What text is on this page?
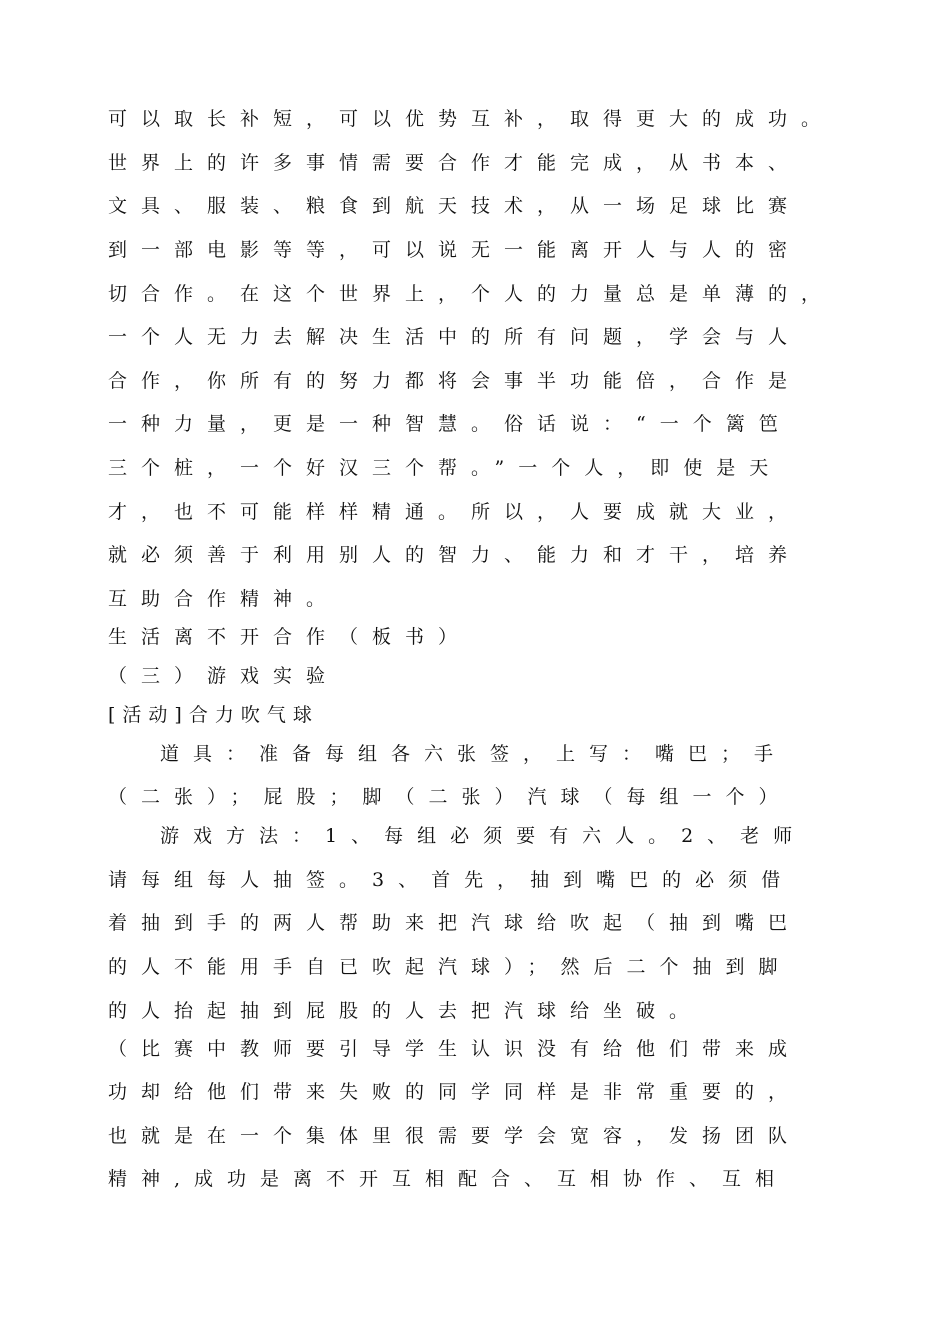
可以取长补短，可以优势互补，取得更大的成功。
世界上的许多事情需要合作才能完成，从书本、
文具、服装、粮食到航天技术，从一场足球比赛
到一部电影等等，可以说无一能离开人与人的密
切合作。在这个世界上，个人的力量总是单薄的，
一个人无力去解决生活中的所有问题，学会与人
合作，你所有的努力都将会事半功能倍，合作是
一种力量，更是一种智慧。俗话说：“一个篱笆
三个桩，一个好汉三个帮。”一个人，即使是天
才，也不可能样样精通。所以，人要成就大业，
就必须善于利用别人的智力、能力和才干，培养
互助合作精神。
生活离不开合作（板书）
（三）游戏实验
[活动]合力吹气球
道具：准备每组各六张签，上写：嘴巴；手
（二张）；屁股；脚（二张）汽球（每组一个）
游戏方法：1、每组必须要有六人。2、老师
请每组每人抽签。3、首先，抽到嘴巴的必须借
着抽到手的两人帮助来把汽球给吹起（抽到嘴巴
的人不能用手自已吹起汽球）；然后二个抽到脚
的人抬起抽到屁股的人去把汽球给坐破。
（比赛中教师要引导学生认识没有给他们带来成
功却给他们带来失败的同学同样是非常重要的，
也就是在一个集体里很需要学会宽容，发扬团队
精神,成功是离不开互相配合、互相协作、互相
